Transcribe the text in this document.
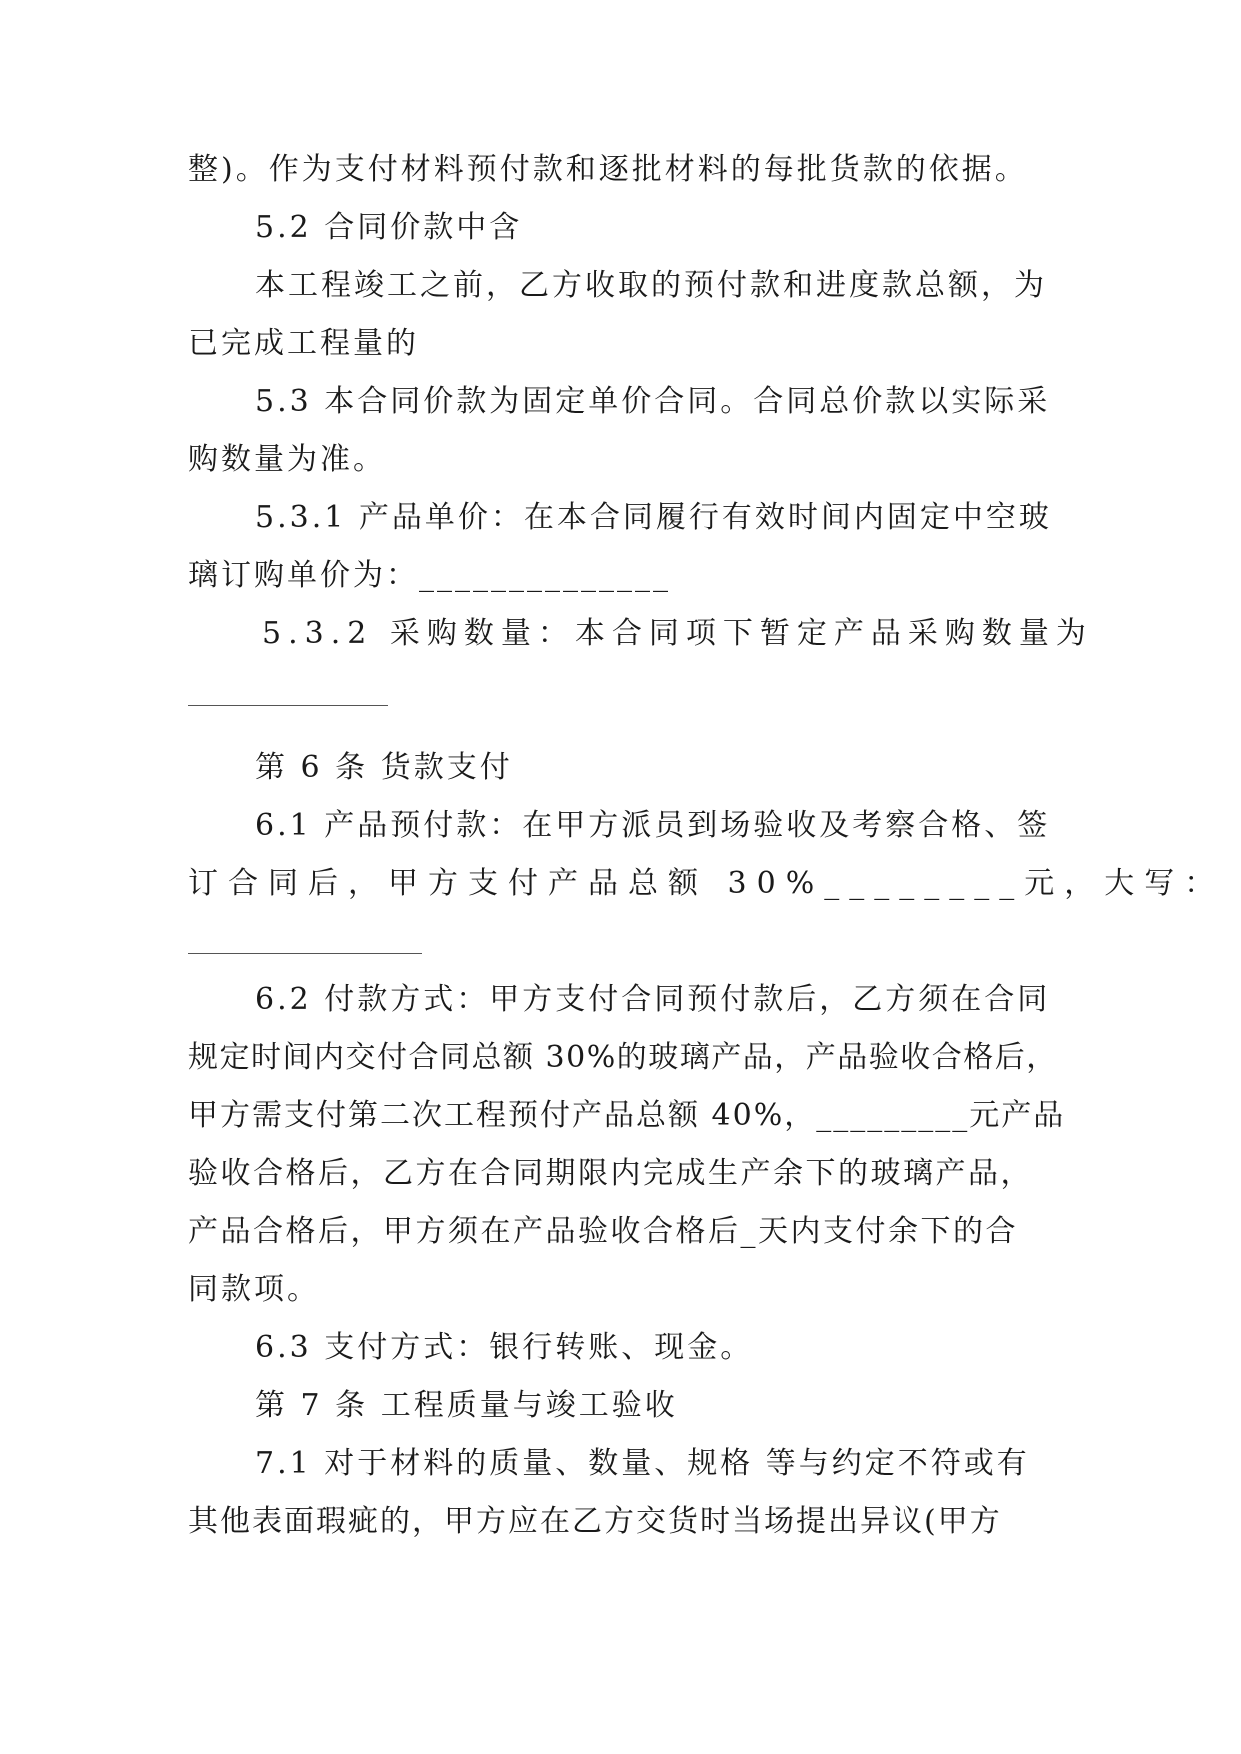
整)。作为支付材料预付款和逐批材料的每批货款的依据。
5.2 合同价款中含
本工程竣工之前，乙方收取的预付款和进度款总额，为
已完成工程量的
5.3 本合同价款为固定单价合同。合同总价款以实际采
购数量为准。
5.3.1 产品单价：在本合同履行有效时间内固定中空玻
璃订购单价为：______________
5.3.2 采购数量：本合同项下暂定产品采购数量为
第 6 条 货款支付
6.1 产品预付款：在甲方派员到场验收及考察合格、签
订合同后，甲方支付产品总额 30%________元，大写：
6.2 付款方式：甲方支付合同预付款后，乙方须在合同
规定时间内交付合同总额 30%的玻璃产品，产品验收合格后，
甲方需支付第二次工程预付产品总额 40%，_________元产品
验收合格后，乙方在合同期限内完成生产余下的玻璃产品，
产品合格后，甲方须在产品验收合格后_天内支付余下的合
同款项。
6.3 支付方式：银行转账、现金。
第 7 条 工程质量与竣工验收
7.1 对于材料的质量、数量、规格 等与约定不符或有
其他表面瑕疵的，甲方应在乙方交货时当场提出异议(甲方
